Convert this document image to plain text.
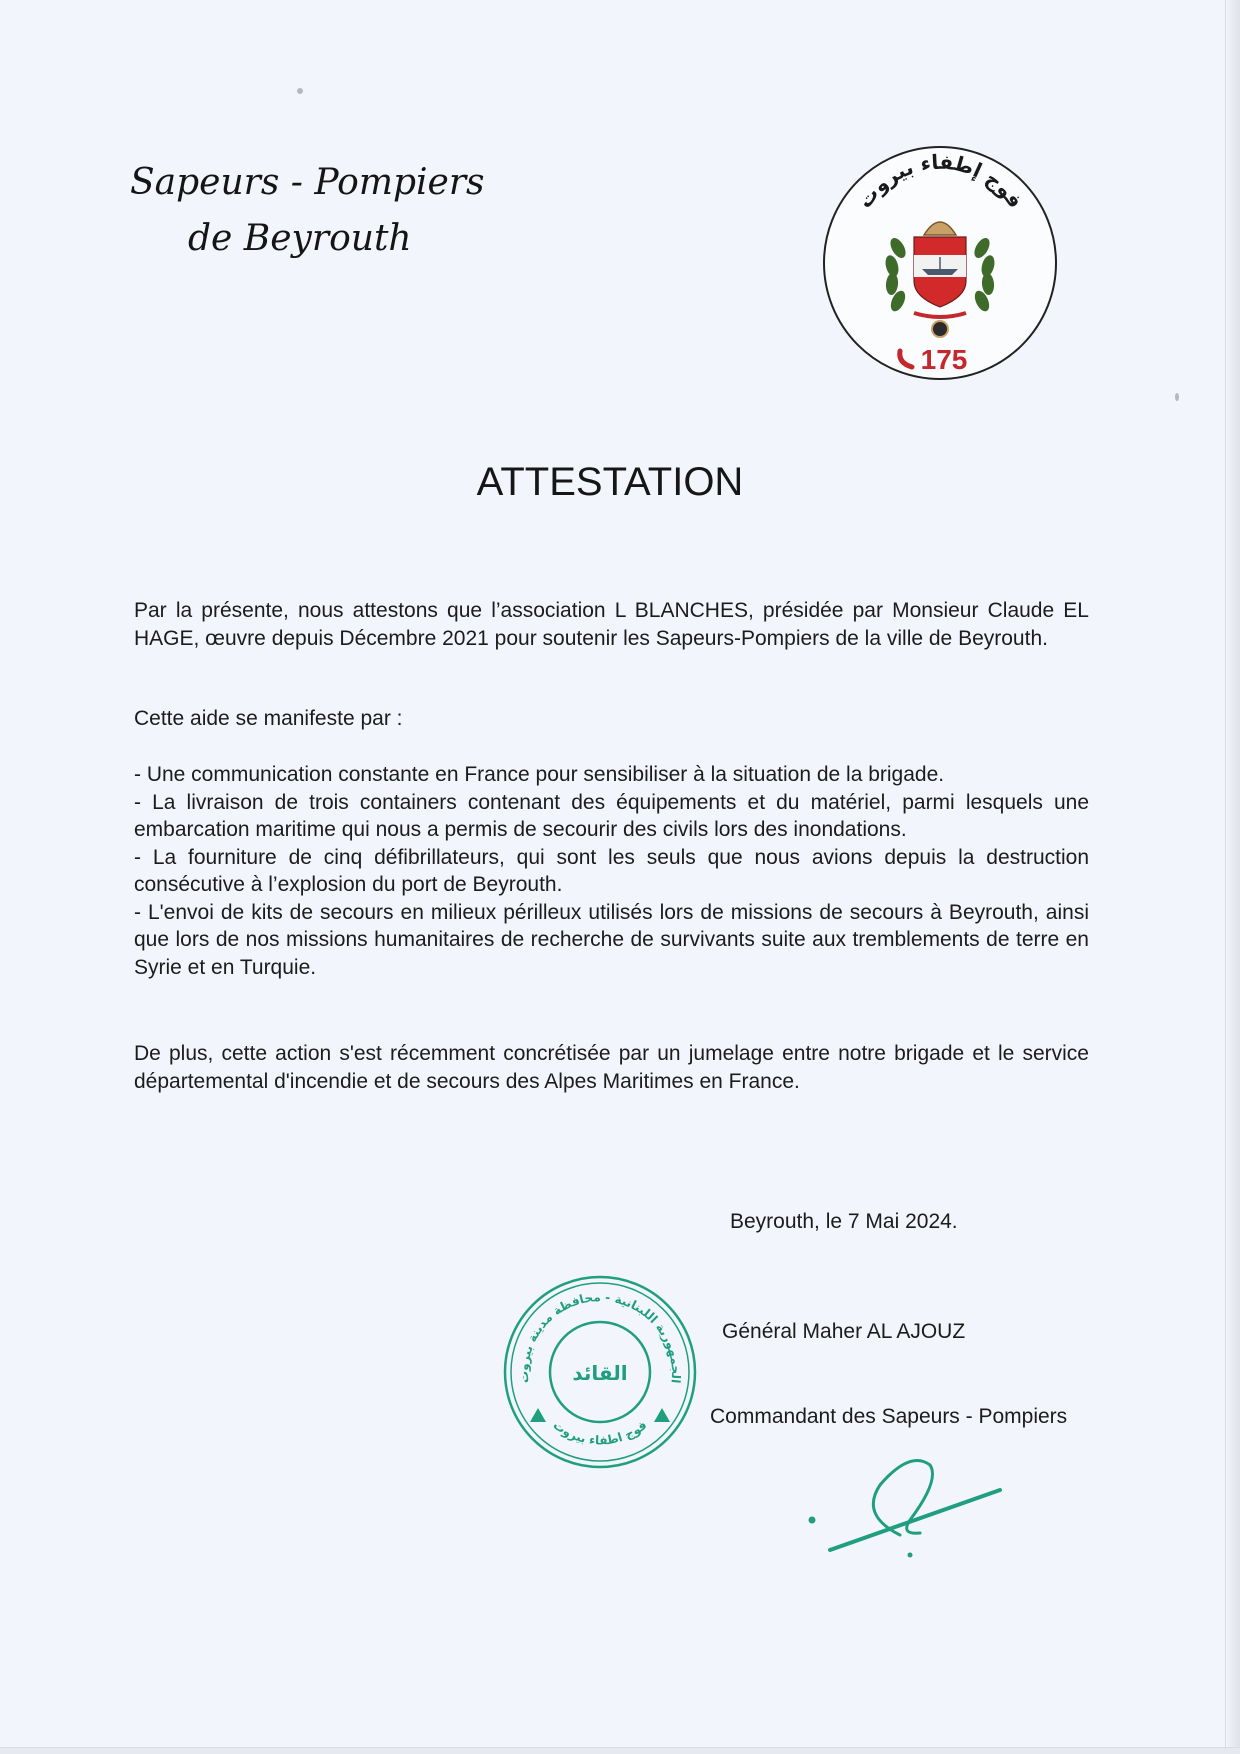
Sapeurs - Pompiers
de Beyrouth
فوج إطفاء بيروت
175
ATTESTATION

Par la présente, nous attestons que l’association L BLANCHES, présidée par Monsieur Claude EL HAGE, œuvre depuis Décembre 2021 pour soutenir les Sapeurs-Pompiers de la ville de Beyrouth.

Cette aide se manifeste par :

- Une communication constante en France pour sensibiliser à la situation de la brigade.

- La livraison de trois containers contenant des équipements et du matériel, parmi lesquels une embarcation maritime qui nous a permis de secourir des civils lors des inondations.

- La fourniture de cinq défibrillateurs, qui sont les seuls que nous avions depuis la destruction consécutive à l’explosion du port de Beyrouth.

- L'envoi de kits de secours en milieux périlleux utilisés lors de missions de secours à Beyrouth, ainsi que lors de nos missions humanitaires de recherche de survivants suite aux tremblements de terre en Syrie et en Turquie.

De plus, cette action s'est récemment concrétisée par un jumelage entre notre brigade et le service départemental d'incendie et de secours des Alpes Maritimes en France.

Beyrouth, le 7 Mai 2024.
الجمهورية اللبنانية - محافظة مدينة بيروت
فوج اطفاء بيروت
القائد
Général Maher AL AJOUZ
Commandant des Sapeurs - Pompiers
